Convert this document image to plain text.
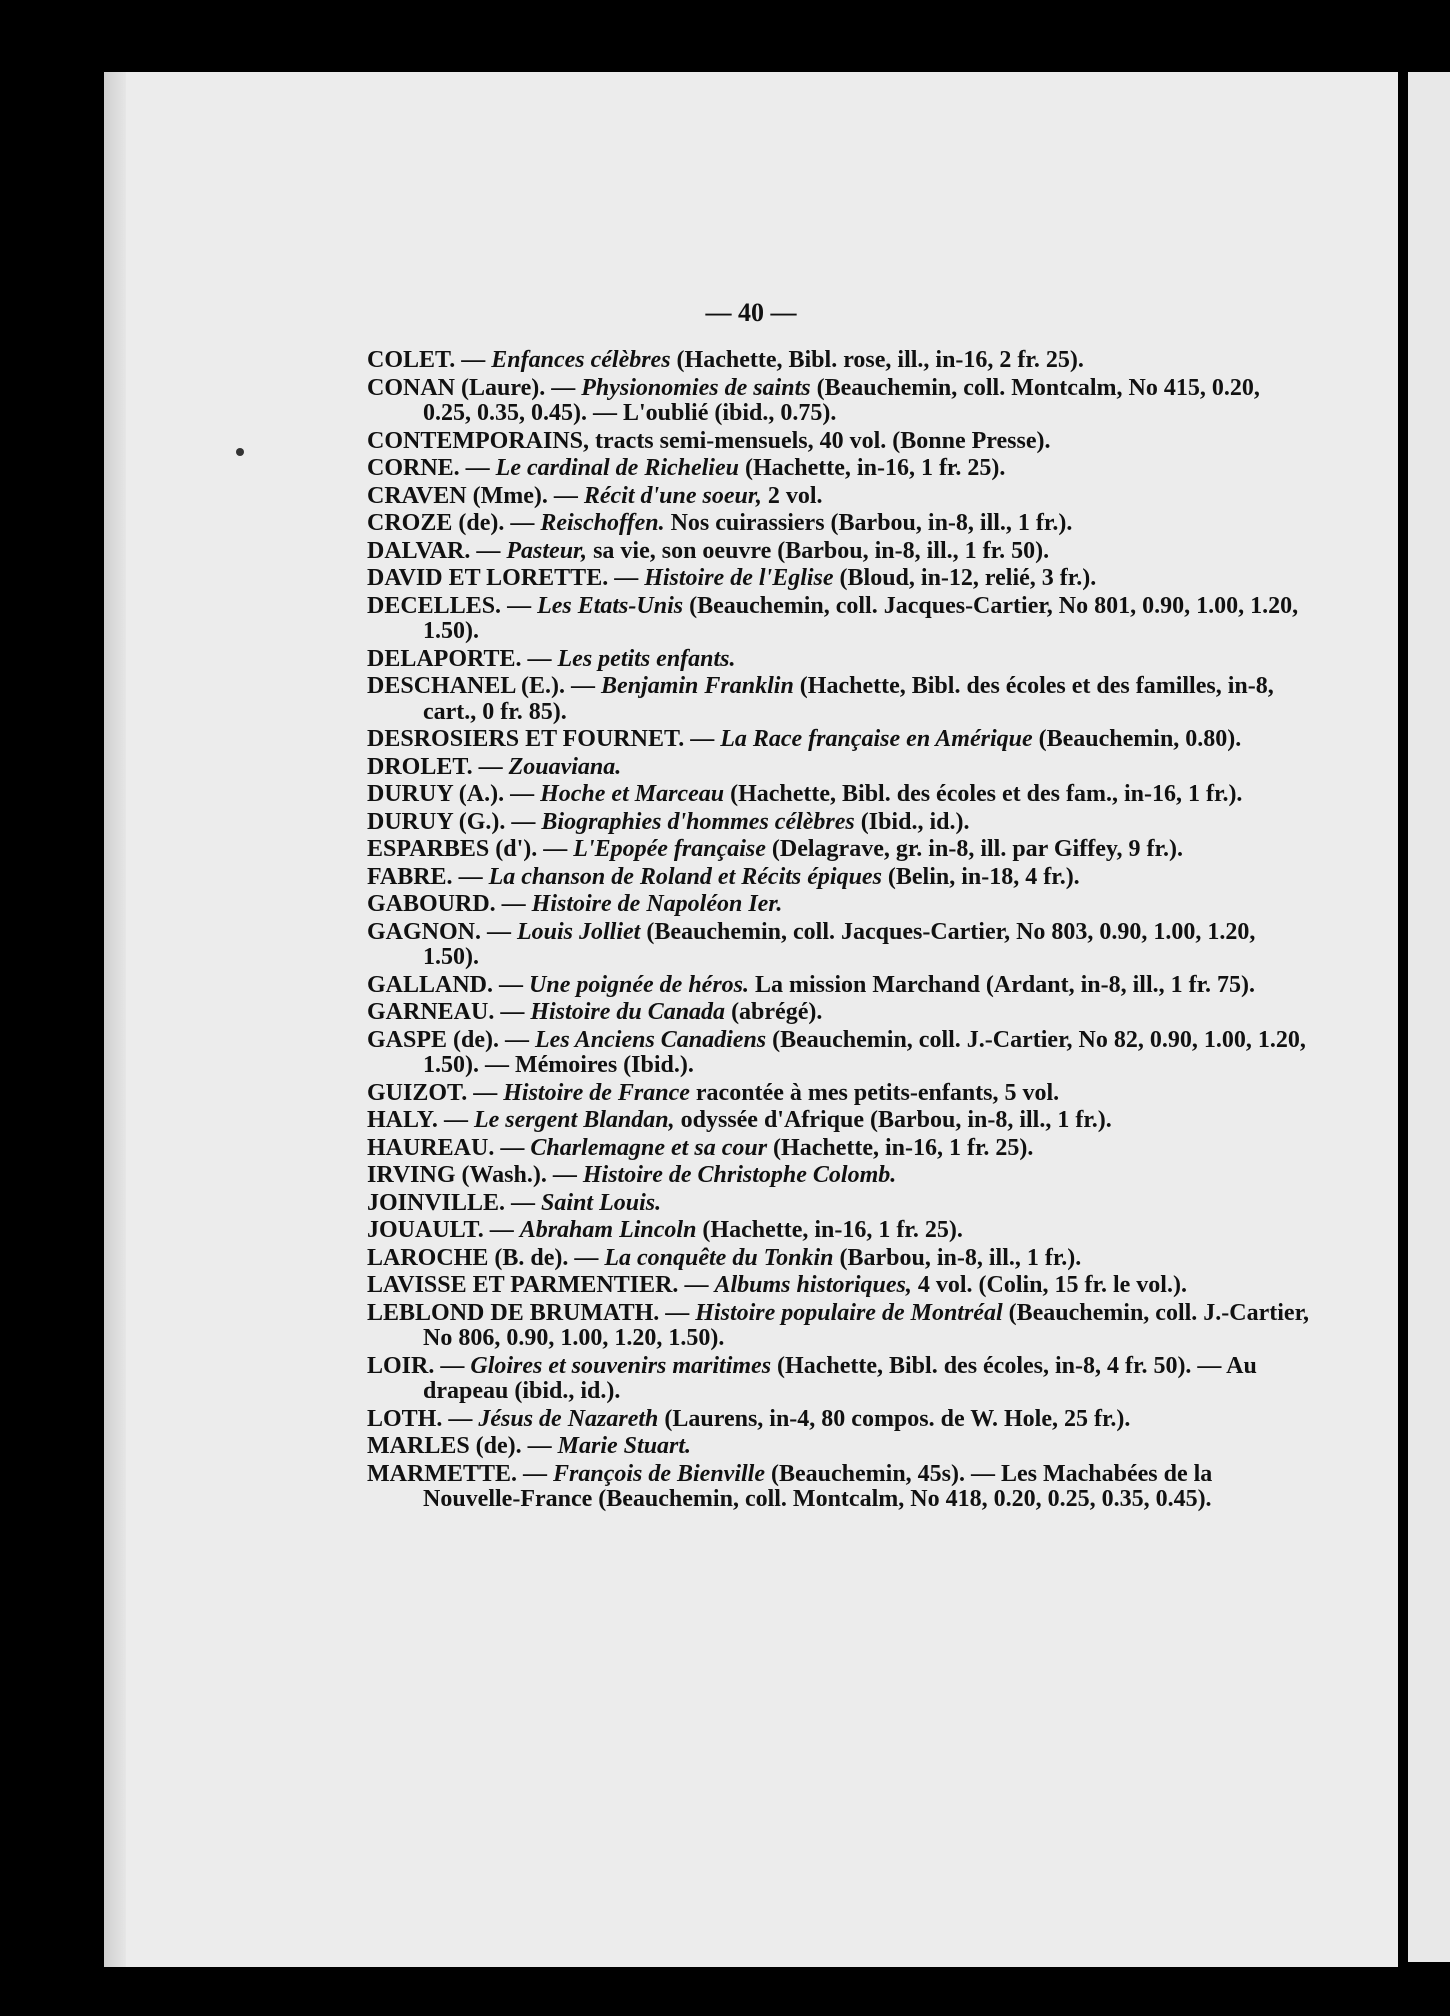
— 40 —

COLET. — Enfances célèbres (Hachette, Bibl. rose, ill., in-16, 2 fr. 25).

CONAN (Laure). — Physionomies de saints (Beauchemin, coll. Montcalm, No 415, 0.20, 0.25, 0.35, 0.45). — L'oublié (ibid., 0.75).

CONTEMPORAINS, tracts semi-mensuels, 40 vol. (Bonne Presse).

CORNE. — Le cardinal de Richelieu (Hachette, in-16, 1 fr. 25).

CRAVEN (Mme). — Récit d'une soeur, 2 vol.

CROZE (de). — Reischoffen. Nos cuirassiers (Barbou, in-8, ill., 1 fr.).

DALVAR. — Pasteur, sa vie, son oeuvre (Barbou, in-8, ill., 1 fr. 50).

DAVID ET LORETTE. — Histoire de l'Eglise (Bloud, in-12, relié, 3 fr.).

DECELLES. — Les Etats-Unis (Beauchemin, coll. Jacques-Cartier, No 801, 0.90, 1.00, 1.20, 1.50).

DELAPORTE. — Les petits enfants.

DESCHANEL (E.). — Benjamin Franklin (Hachette, Bibl. des écoles et des familles, in-8, cart., 0 fr. 85).

DESROSIERS ET FOURNET. — La Race française en Amérique (Beauchemin, 0.80).

DROLET. — Zouaviana.

DURUY (A.). — Hoche et Marceau (Hachette, Bibl. des écoles et des fam., in-16, 1 fr.).

DURUY (G.). — Biographies d'hommes célèbres (Ibid., id.).

ESPARBES (d'). — L'Epopée française (Delagrave, gr. in-8, ill. par Giffey, 9 fr.).

FABRE. — La chanson de Roland et Récits épiques (Belin, in-18, 4 fr.).

GABOURD. — Histoire de Napoléon Ier.

GAGNON. — Louis Jolliet (Beauchemin, coll. Jacques-Cartier, No 803, 0.90, 1.00, 1.20, 1.50).

GALLAND. — Une poignée de héros. La mission Marchand (Ardant, in-8, ill., 1 fr. 75).

GARNEAU. — Histoire du Canada (abrégé).

GASPE (de). — Les Anciens Canadiens (Beauchemin, coll. J.-Cartier, No 82, 0.90, 1.00, 1.20, 1.50). — Mémoires (Ibid.).

GUIZOT. — Histoire de France racontée à mes petits-enfants, 5 vol.

HALY. — Le sergent Blandan, odyssée d'Afrique (Barbou, in-8, ill., 1 fr.).

HAUREAU. — Charlemagne et sa cour (Hachette, in-16, 1 fr. 25).

IRVING (Wash.). — Histoire de Christophe Colomb.

JOINVILLE. — Saint Louis.

JOUAULT. — Abraham Lincoln (Hachette, in-16, 1 fr. 25).

LAROCHE (B. de). — La conquête du Tonkin (Barbou, in-8, ill., 1 fr.).

LAVISSE ET PARMENTIER. — Albums historiques, 4 vol. (Colin, 15 fr. le vol.).

LEBLOND DE BRUMATH. — Histoire populaire de Montréal (Beauchemin, coll. J.-Cartier, No 806, 0.90, 1.00, 1.20, 1.50).

LOIR. — Gloires et souvenirs maritimes (Hachette, Bibl. des écoles, in-8, 4 fr. 50). — Au drapeau (ibid., id.).

LOTH. — Jésus de Nazareth (Laurens, in-4, 80 compos. de W. Hole, 25 fr.).

MARLES (de). — Marie Stuart.

MARMETTE. — François de Bienville (Beauchemin, 45s). — Les Machabées de la Nouvelle-France (Beauchemin, coll. Montcalm, No 418, 0.20, 0.25, 0.35, 0.45).
